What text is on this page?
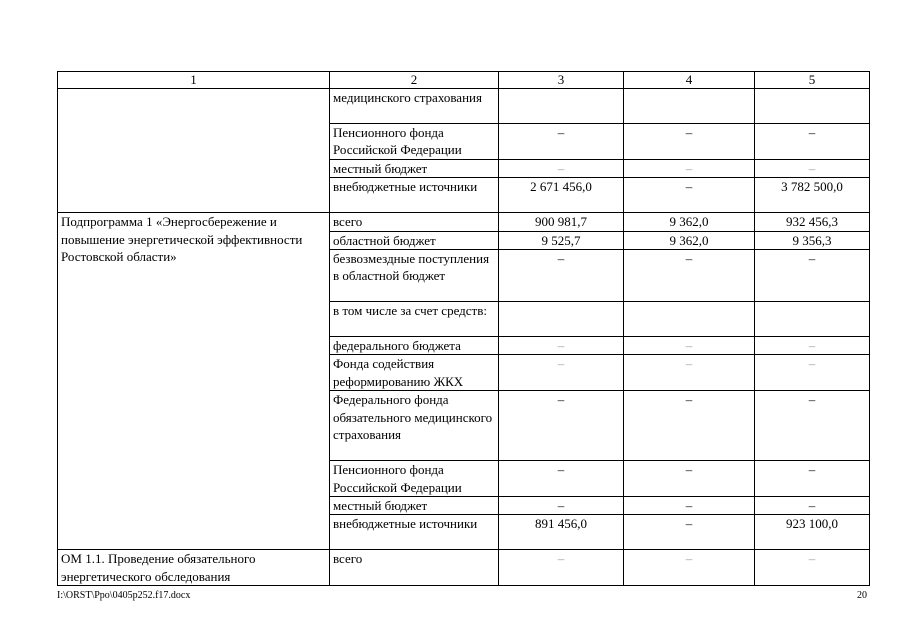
1	2	3	4	5
	медицинского страхования			
	Пенсионного фонда Российской Федерации	–	–	–
	местный бюджет	–	–	–
	внебюджетные источники	2 671 456,0	–	3 782 500,0
Подпрограмма 1 «Энергосбережение и повышение энергетической эффективности Ростовской области»	всего	900 981,7	9 362,0	932 456,3
	областной бюджет	9 525,7	9 362,0	9 356,3
	безвозмездные поступления в областной бюджет	–	–	–
	в том числе за счет средств:			
	федерального бюджета	–	–	–
	Фонда содействия реформированию ЖКХ	–	–	–
	Федерального фонда обязательного медицинского страхования	–	–	–
	Пенсионного фонда Российской Федерации	–	–	–
	местный бюджет	–	–	–
	внебюджетные источники	891 456,0	–	923 100,0
ОМ 1.1. Проведение обязательного энергетического обследования	всего	–	–	–
I:\ORST\Ppo\0405p252.f17.docx	20
